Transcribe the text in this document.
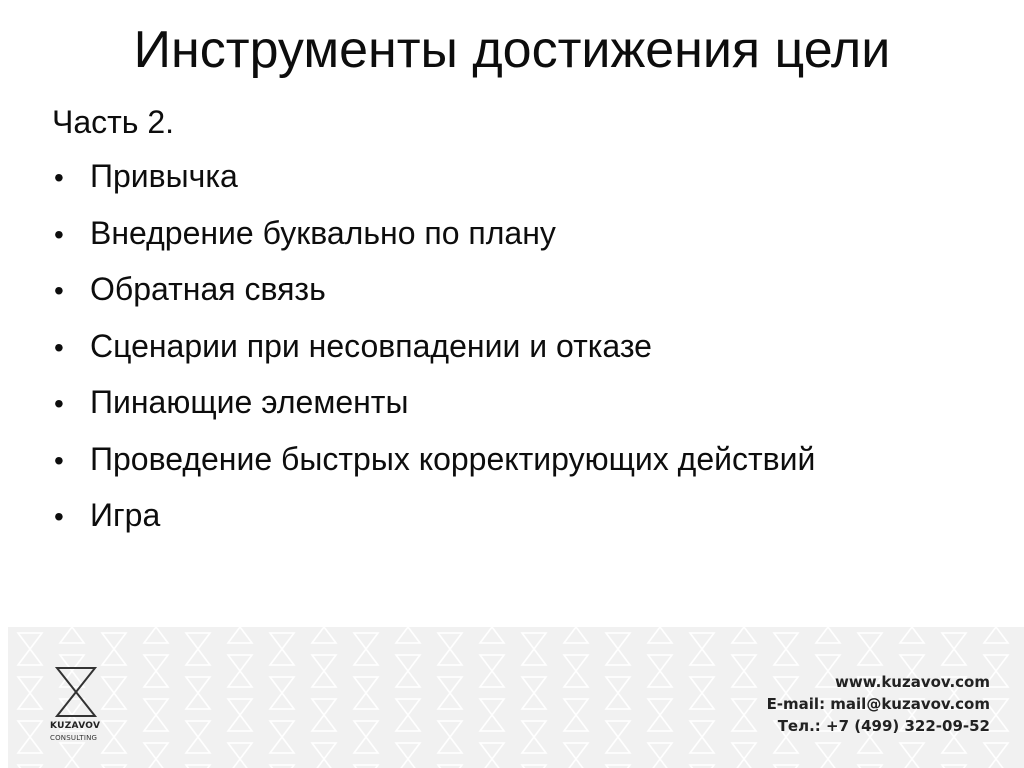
Инструменты достижения цели
Часть 2.
• Привычка
• Внедрение буквально по плану
• Обратная связь
• Сценарии при несовпадении и отказе
• Пинающие элементы
• Проведение быстрых корректирующих действий
• Игра
KUZAVOV
CONSULTING
www.kuzavov.com
E-mail: mail@kuzavov.com
Тел.: +7 (499) 322-09-52
